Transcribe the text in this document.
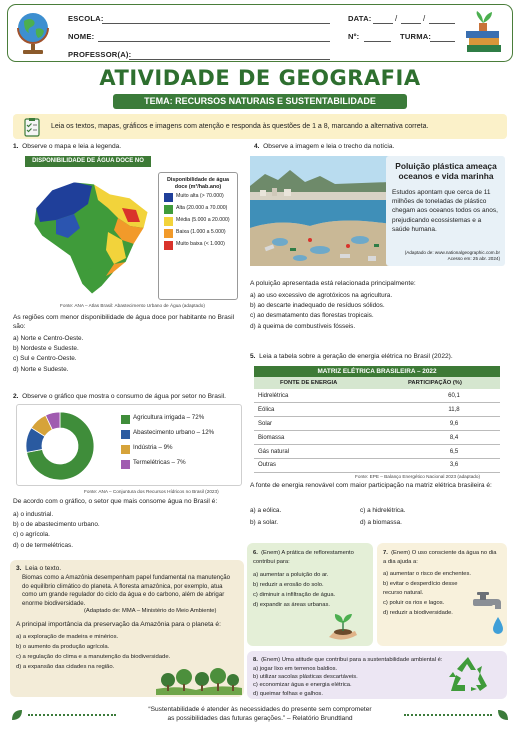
ESCOLA:
NOME:
PROFESSOR(A):
DATA:	/	/
Nº:	TURMA:
ATIVIDADE DE GEOGRAFIA
TEMA: RECURSOS NATURAIS E SUSTENTABILIDADE
Leia os textos, mapas, gráficos e imagens com atenção e responda às questões de 1 a 8, marcando a alternativa correta.
1. Observe o mapa e leia a legenda.
DISPONIBILIDADE DE ÁGUA DOCE NO BRASIL
Disponibilidade de água doce (m³/hab.ano)
Muito alta (> 70.000)
Alta (20.000 a 70.000)
Média (5.000 a 20.000)
Baixa (1.000 a 5.000)
Muito baixa (< 1.000)
Fonte: ANA – Atlas Brasil: Abastecimento Urbano de Água (adaptado)
As regiões com menor disponibilidade de água doce por habitante no Brasil são:
a) Norte e Centro-Oeste.
b) Nordeste e Sudeste.
c) Sul e Centro-Oeste.
d) Norte e Sudeste.
2. Observe o gráfico que mostra o consumo de água por setor no Brasil.
Agricultura irrigada – 72%
Abastecimento urbano – 12%
Indústria – 9%
Termelétricas – 7%
Fonte: ANA – Conjuntura dos Recursos Hídricos no Brasil (2023)
De acordo com o gráfico, o setor que mais consome água no Brasil é:
a) o industrial.
b) o de abastecimento urbano.
c) o agrícola.
d) o de termelétricas.
3. Leia o texto.
Biomas como a Amazônia desempenham papel fundamental na manutenção do equilíbrio climático do planeta. A floresta amazônica, por exemplo, atua como um grande regulador do ciclo da água e do carbono, além de abrigar enorme biodiversidade.
(Adaptado de: MMA – Ministério do Meio Ambiente)
A principal importância da preservação da Amazônia para o planeta é:
a) a exploração de madeira e minérios.
b) o aumento da produção agrícola.
c) a regulação do clima e a manutenção da biodiversidade.
d) a expansão das cidades na região.
4. Observe a imagem e leia o trecho da notícia.
Poluição plástica ameaça oceanos e vida marinha
Estudos apontam que cerca de 11 milhões de toneladas de plástico chegam aos oceanos todos os anos, prejudicando ecossistemas e a saúde humana.
(Adaptado de: www.nationalgeographic.com.br Acesso em: 25 abr. 2024)
A poluição apresentada está relacionada principalmente:
a) ao uso excessivo de agrotóxicos na agricultura.
b) ao descarte inadequado de resíduos sólidos.
c) ao desmatamento das florestas tropicais.
d) à queima de combustíveis fósseis.
5. Leia a tabela sobre a geração de energia elétrica no Brasil (2022).
MATRIZ ELÉTRICA BRASILEIRA – 2022
FONTE DE ENERGIA	PARTICIPAÇÃO (%)
Hidrelétrica	60,1
Eólica	11,8
Solar	9,6
Biomassa	8,4
Gás natural	6,5
Outras	3,6
Fonte: EPE – Balanço Energético Nacional 2023 (adaptado)
A fonte de energia renovável com maior participação na matriz elétrica brasileira é:
a) a eólica.
b) a solar.
c) a hidrelétrica.
d) a biomassa.
6. (Enem) A prática de reflorestamento contribui para:
a) aumentar a poluição do ar.
b) reduzir a erosão do solo.
c) diminuir a infiltração de água.
d) expandir as áreas urbanas.
7. (Enem) O uso consciente da água no dia a dia ajuda a:
a) aumentar o risco de enchentes.
b) evitar o desperdício desse recurso natural.
c) poluir os rios e lagos.
d) reduzir a biodiversidade.
8. (Enem) Uma atitude que contribui para a sustentabilidade ambiental é:
a) jogar lixo em terrenos baldios.
b) utilizar sacolas plásticas descartáveis.
c) economizar água e energia elétrica.
d) queimar folhas e galhos.
“Sustentabilidade é atender às necessidades do presente sem comprometer
as possibilidades das futuras gerações.” – Relatório Brundtland
